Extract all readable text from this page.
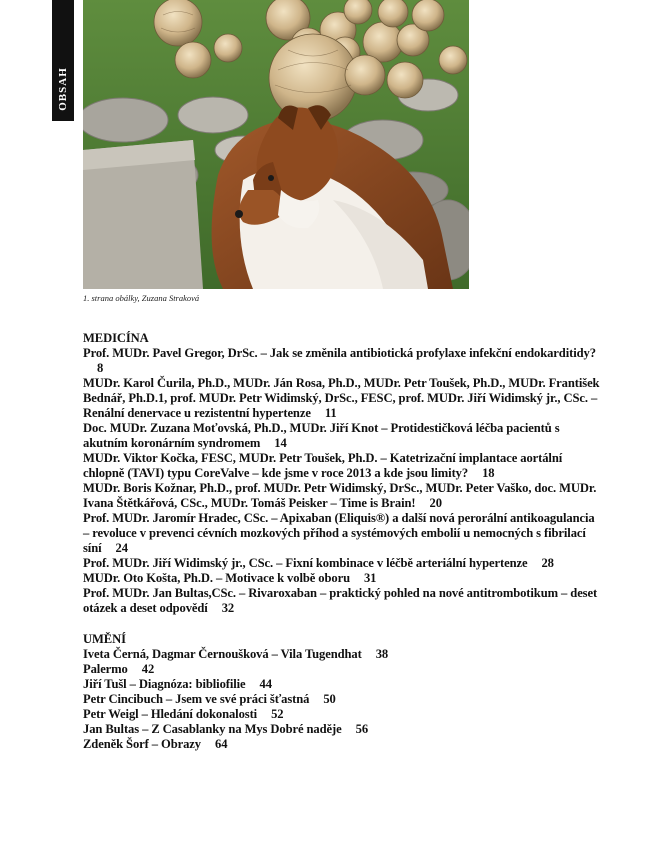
OBSAH
1. strana obálky, Zuzana Straková

MEDICÍNA

Prof. MUDr. Pavel Gregor, DrSc. – Jak se změnila antibiotická profylaxe infekční endokarditidy?8

MUDr. Karol Čurila, Ph.D., MUDr. Ján Rosa, Ph.D., MUDr. Petr Toušek, Ph.D., MUDr. František Bednář, Ph.D.1, prof. MUDr. Petr Widimský, DrSc., FESC, prof. MUDr. Jiří Widimský jr., CSc. – Renální denervace u rezistentní hypertenze 11

Doc. MUDr. Zuzana Moťovská, Ph.D., MUDr. Jiří Knot – Protidestičková léčba pacientů s akutním koronárním syndromem 14

MUDr. Viktor Kočka, FESC, MUDr. Petr Toušek, Ph.D. – Katetrizační implantace aortální chlopně (TAVI) typu CoreValve – kde jsme v roce 2013 a kde jsou limity? 18

MUDr. Boris Kožnar, Ph.D., prof. MUDr. Petr Widimský, DrSc., MUDr. Peter Vaško, doc. MUDr. Ivana Štětkářová, CSc., MUDr. Tomáš Peisker – Time is Brain! 20

Prof. MUDr. Jaromír Hradec, CSc. – Apixaban (Eliquis®) a další nová perorální antikoagulancia – revoluce v prevenci cévních mozkových příhod a systémových embolií u nemocných s fibrilací síní 24

Prof. MUDr. Jiří Widimský jr., CSc. – Fixní kombinace v léčbě arteriální hypertenze 28

MUDr. Oto Košta, Ph.D. – Motivace k volbě oboru 31

Prof. MUDr. Jan Bultas,CSc. – Rivaroxaban – praktický pohled na nové antitrombotikum – deset otázek a deset odpovědí 32

UMĚNÍ

Iveta Černá, Dagmar Černoušková – Vila Tugendhat 38

Palermo 42

Jiří Tušl – Diagnóza: bibliofilie 44

Petr Cincibuch – Jsem ve své práci šťastná 50

Petr Weigl – Hledání dokonalosti 52

Jan Bultas – Z Casablanky na Mys Dobré naděje 56

Zdeněk Šorf – Obrazy 64
